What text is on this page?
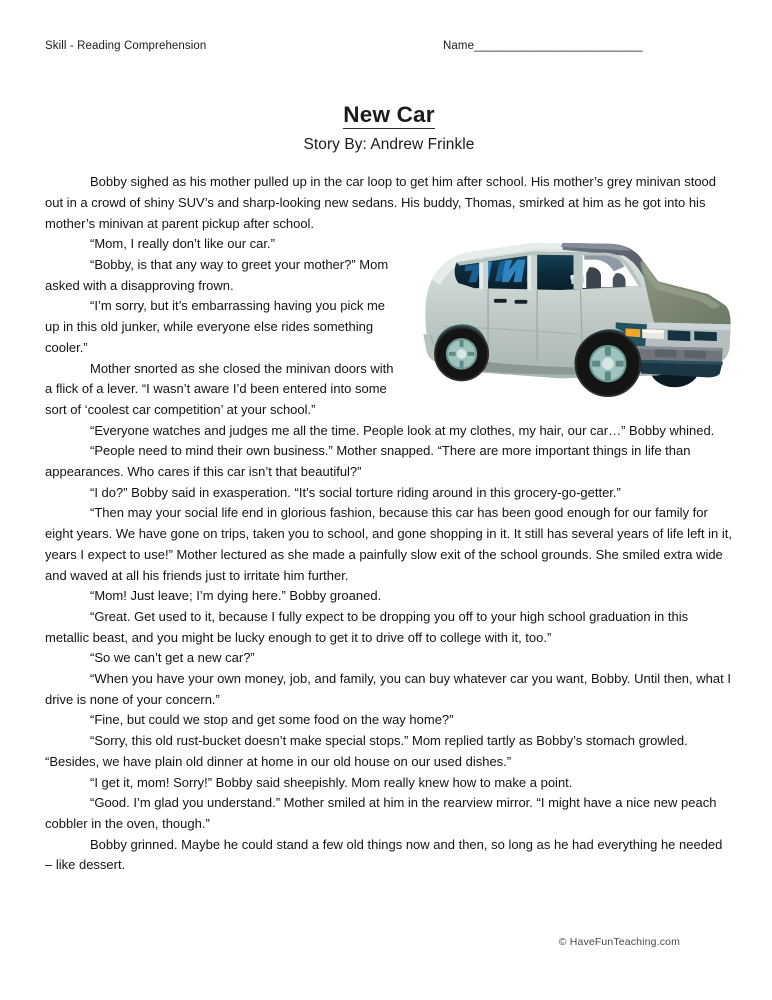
Skill - Reading Comprehension	Name_____________________________
New Car
Story By: Andrew Frinkle

Bobby sighed as his mother pulled up in the car loop to get him after school. His mother’s grey minivan stood out in a crowd of shiny SUV’s and sharp-looking new sedans. His buddy, Thomas, smirked at him as he got into his mother’s minivan at parent pickup after school.

“Mom, I really don’t like our car.”

“Bobby, is that any way to greet your mother?” Mom asked with a disapproving frown.

“I’m sorry, but it’s embarrassing having you pick me up in this old junker, while everyone else rides something cooler.”

Mother snorted as she closed the minivan doors with a flick of a lever. “I wasn’t aware I’d been entered into some sort of ‘coolest car competition’ at your school.”

“Everyone watches and judges me all the time. People look at my clothes, my hair, our car…” Bobby whined.

“People need to mind their own business.” Mother snapped. “There are more important things in life than appearances. Who cares if this car isn’t that beautiful?”

“I do?” Bobby said in exasperation. “It’s social torture riding around in this grocery-go-getter.”

“Then may your social life end in glorious fashion, because this car has been good enough for our family for eight years. We have gone on trips, taken you to school, and gone shopping in it. It still has several years of life left in it, years I expect to use!” Mother lectured as she made a painfully slow exit of the school grounds. She smiled extra wide and waved at all his friends just to irritate him further.

“Mom! Just leave; I’m dying here.” Bobby groaned.

“Great. Get used to it, because I fully expect to be dropping you off to your high school graduation in this metallic beast, and you might be lucky enough to get it to drive off to college with it, too.”

“So we can’t get a new car?”

“When you have your own money, job, and family, you can buy whatever car you want, Bobby. Until then, what I drive is none of your concern.”

“Fine, but could we stop and get some food on the way home?”

“Sorry, this old rust-bucket doesn’t make special stops.” Mom replied tartly as Bobby’s stomach growled. “Besides, we have plain old dinner at home in our old house on our used dishes.”

“I get it, mom! Sorry!” Bobby said sheepishly. Mom really knew how to make a point.

“Good. I’m glad you understand.” Mother smiled at him in the rearview mirror. “I might have a nice new peach cobbler in the oven, though.”

Bobby grinned. Maybe he could stand a few old things now and then, so long as he had everything he needed – like dessert.

© HaveFunTeaching.com
